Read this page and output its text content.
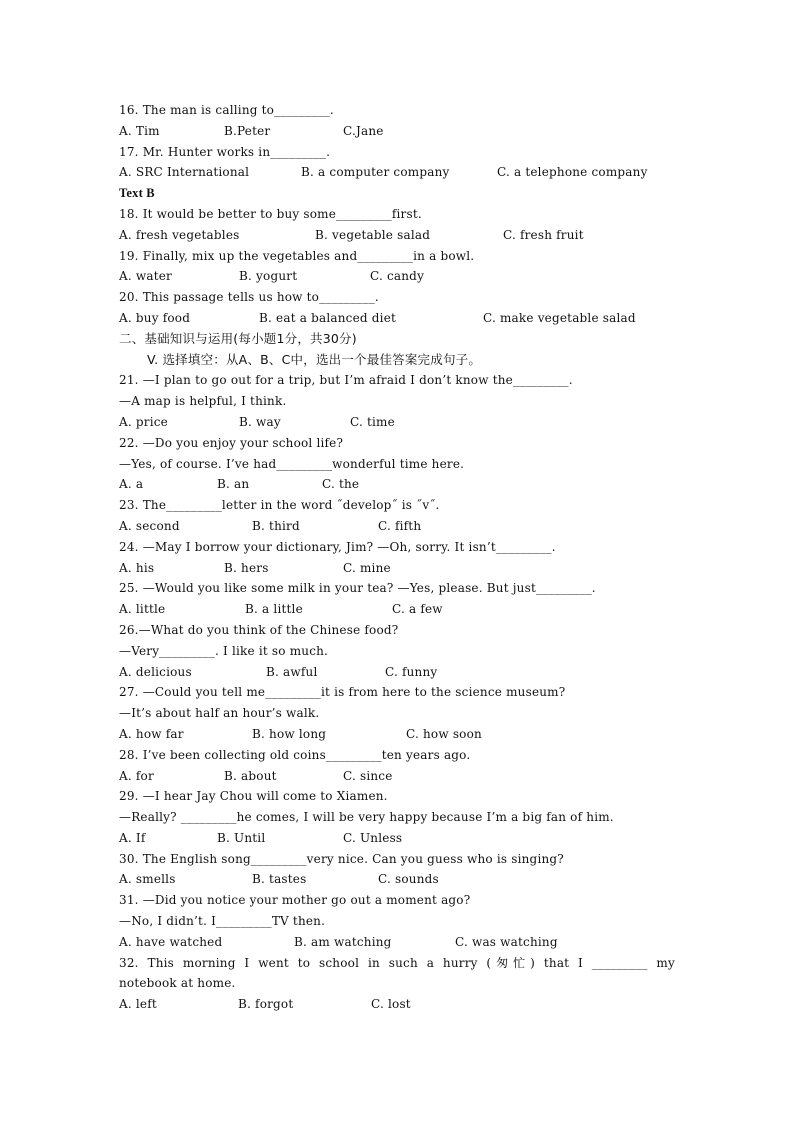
16. The man is calling to_________.
A. Tim	B.Peter	C.Jane
17. Mr. Hunter works in_________.
A. SRC International	B. a computer company	C. a telephone company
Text B
18. It would be better to buy some_________first.
A. fresh vegetables	B. vegetable salad	C. fresh fruit
19. Finally, mix up the vegetables and_________in a bowl.
A. water	B. yogurt	C. candy
20. This passage tells us how to_________.
A. buy food	B. eat a balanced diet	C. make vegetable salad
二、基础知识与运用(每小题1分，共30分)
V. 选择填空：从A、B、C中，选出一个最佳答案完成句子。
21. —I plan to go out for a trip, but I’m afraid I don’t know the_________.
—A map is helpful, I think.
A. price	B. way	C. time
22. —Do you enjoy your school life?
—Yes, of course. I’ve had_________wonderful time here.
A. a	B. an	C. the
23. The_________letter in the word ˝develop˝ is ˝v˝.
A. second	B. third	C. fifth
24. —May I borrow your dictionary, Jim? —Oh, sorry. It isn’t_________.
A. his	B. hers	C. mine
25. —Would you like some milk in your tea? —Yes, please. But just_________.
A. little	B. a little	C. a few
26.—What do you think of the Chinese food?
—Very_________. I like it so much.
A. delicious	B. awful	C. funny
27. —Could you tell me_________it is from here to the science museum?
—It’s about half an hour’s walk.
A. how far	B. how long	C. how soon
28. I’ve been collecting old coins_________ten years ago.
A. for	B. about	C. since
29. —I hear Jay Chou will come to Xiamen.
—Really? _________he comes, I will be very happy because I’m a big fan of him.
A. If	B. Until	C. Unless
30. The English song_________very nice. Can you guess who is singing?
A. smells	B. tastes	C. sounds
31. —Did you notice your mother go out a moment ago?
—No, I didn’t. I_________TV then.
A. have watched	B. am watching	C. was watching
32. This morning I went to school in such a hurry (匆忙) that I _________ my
notebook at home.
A. left	B. forgot	C. lost
